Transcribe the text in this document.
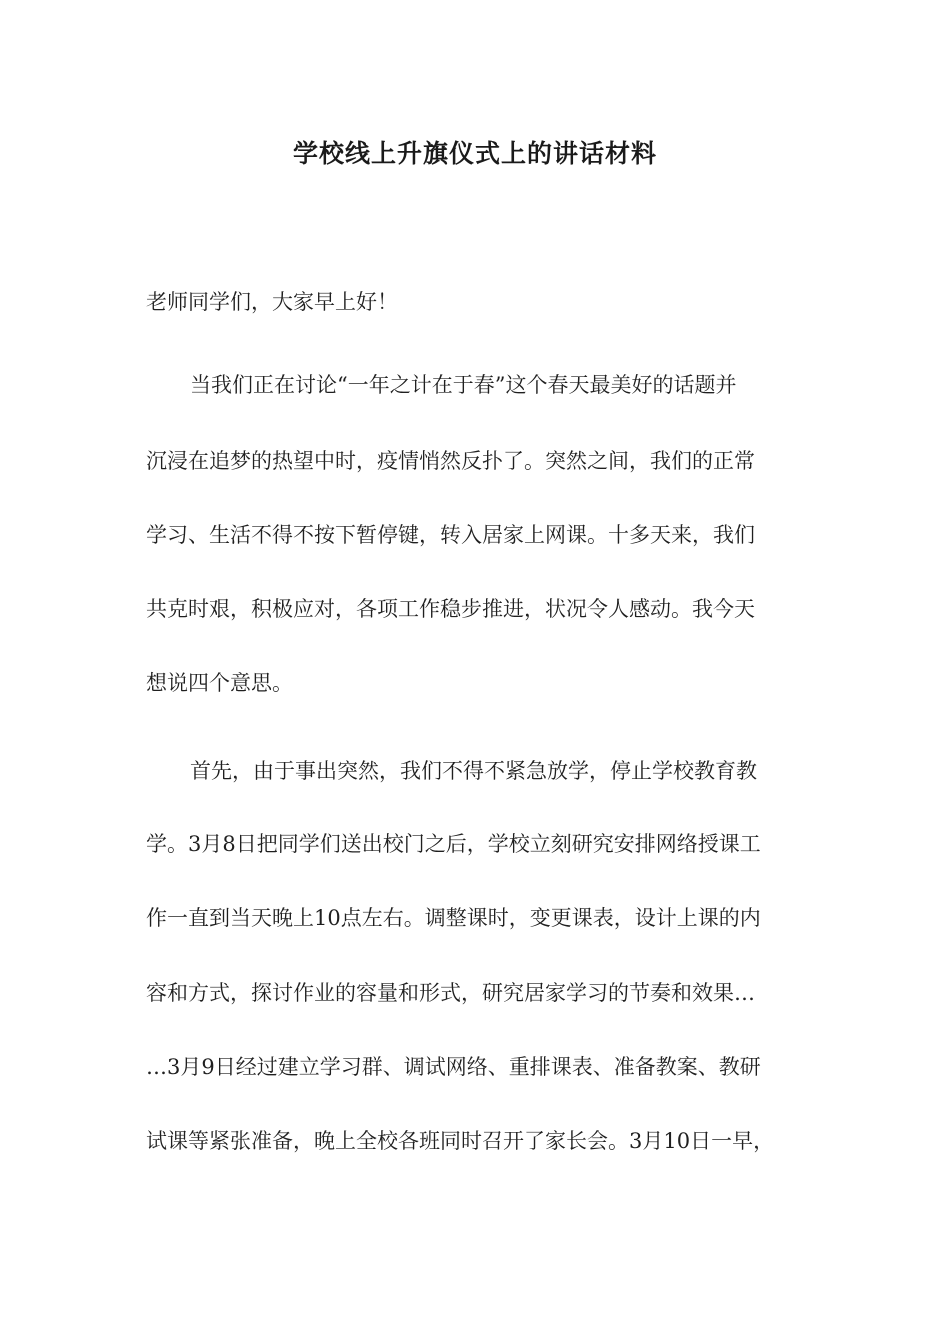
学校线上升旗仪式上的讲话材料

老师同学们，大家早上好！

当我们正在讨论“一年之计在于春”这个春天最美好的话题并

沉浸在追梦的热望中时，疫情悄然反扑了。突然之间，我们的正常

学习、生活不得不按下暂停键，转入居家上网课。十多天来，我们

共克时艰，积极应对，各项工作稳步推进，状况令人感动。我今天

想说四个意思。

首先，由于事出突然，我们不得不紧急放学，停止学校教育教

学。3月8日把同学们送出校门之后，学校立刻研究安排网络授课工

作一直到当天晚上10点左右。调整课时，变更课表，设计上课的内

容和方式，探讨作业的容量和形式，研究居家学习的节奏和效果…

…3月9日经过建立学习群、调试网络、重排课表、准备教案、教研

试课等紧张准备，晚上全校各班同时召开了家长会。3月10日一早，
